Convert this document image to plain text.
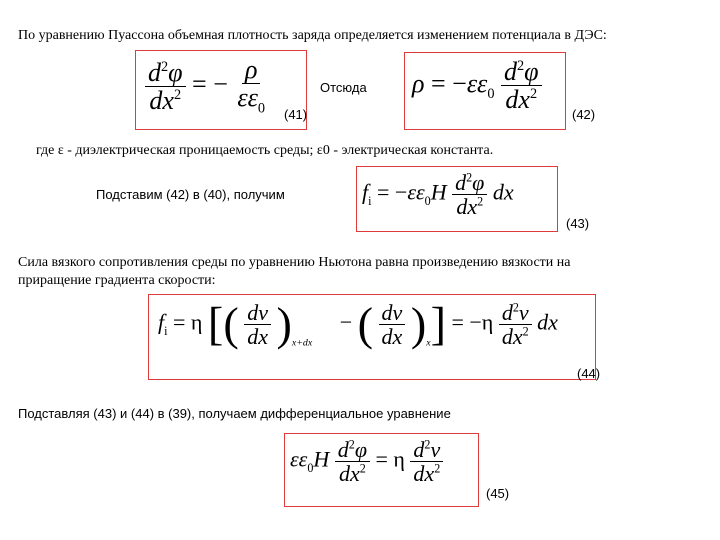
По уравнению Пуассона объемная плотность заряда определяется изменением потенциала в ДЭС:
$\frac{d^2\varphi}{dx^2}$ = − $\frac{\rho}{\varepsilon\varepsilon_0} (41)$
Отсюда $\rho = -\varepsilon\varepsilon_0 \frac{d^2\varphi}{dx^2}$
(42)
где ε - диэлектрическая проницаемость среды; ε0 - электрическая константа.
Подставим (42) в (40), получим	$f_i = -\varepsilon\varepsilon_0H \frac{d^2\varphi}{dx^2}$ dx
(43)
Сила вязкого сопротивления среды по уравнению Ньютона равна произведению вязкости на
приращение градиента скорости:
$f_i = \eta$ [( $\frac{dv}{dx} )_{x+dx}$     − ( $\frac{dv}{dx} )_x] = -\eta \frac{d^2v}{dx^2}$ dx
(44)
Подставляя (43) и (44) в (39), получаем дифференциальное уравнение
$\varepsilon\varepsilon_0H \frac{d^2\varphi}{dx^2} = \eta \frac{d^2v}{dx^2}$
(45)
